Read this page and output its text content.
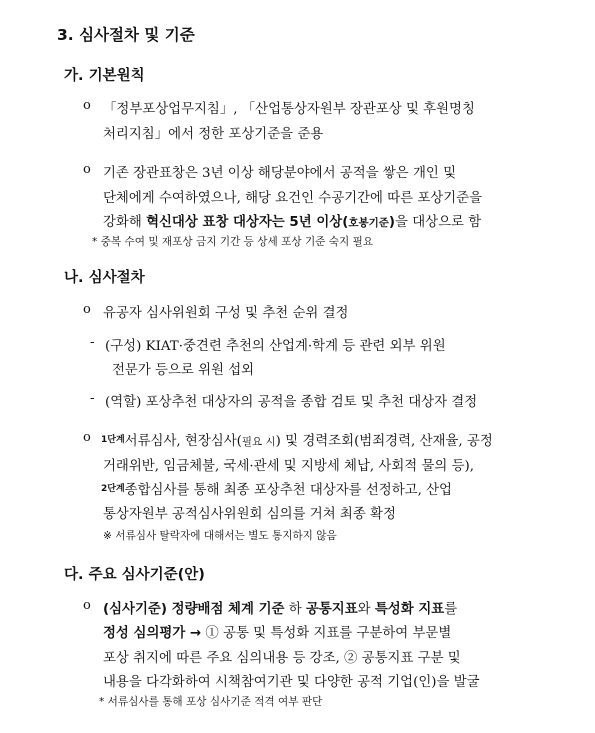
3. 심사절차 및 기준
가. 기본원칙
o 「정부포상업무지침」, 「산업통상자원부 장관포상 및 후원명칭
처리지침」에서 정한 포상기준을 준용
o 기존 장관표창은 3년 이상 해당분야에서 공적을 쌓은 개인 및
단체에게 수여하였으나, 해당 요건인 수공기간에 따른 포상기준을
강화해 혁신대상 표창 대상자는 5년 이상(호봉기준)을 대상으로 함
* 중복 수여 및 재포상 금지 기간 등 상세 포상 기준 숙지 필요
나. 심사절차
o 유공자 심사위원회 구성 및 추천 순위 결정
- (구성) KIAT·중견련 추천의 산업계·학계 등 관련 외부 위원
전문가 등으로 위원 섭외
- (역할) 포상추천 대상자의 공적을 종합 검토 및 추천 대상자 결정
o $^{1단계}$서류심사, 현장심사(필요 시) 및 경력조회(범죄경력, 산재율, 공정
거래위반, 임금체불, 국세·관세 및 지방세 체납, 사회적 물의 등),
$^{2단계}$종합심사를 통해 최종 포상추천 대상자를 선정하고, 산업
통상자원부 공적심사위원회 심의를 거쳐 최종 확정
※ 서류심사 탈락자에 대해서는 별도 통지하지 않음
다. 주요 심사기준(안)
o (심사기준) 정량배점 체계 기준 하 공통지표와 특성화 지표를
정성 심의평가 → ① 공통 및 특성화 지표를 구분하여 부문별
포상 취지에 따른 주요 심의내용 등 강조, ② 공통지표 구분 및
내용을 다각화하여 시책참여기관 및 다양한 공적 기업(인)을 발굴
* 서류심사를 통해 포상 심사기준 적격 여부 판단
